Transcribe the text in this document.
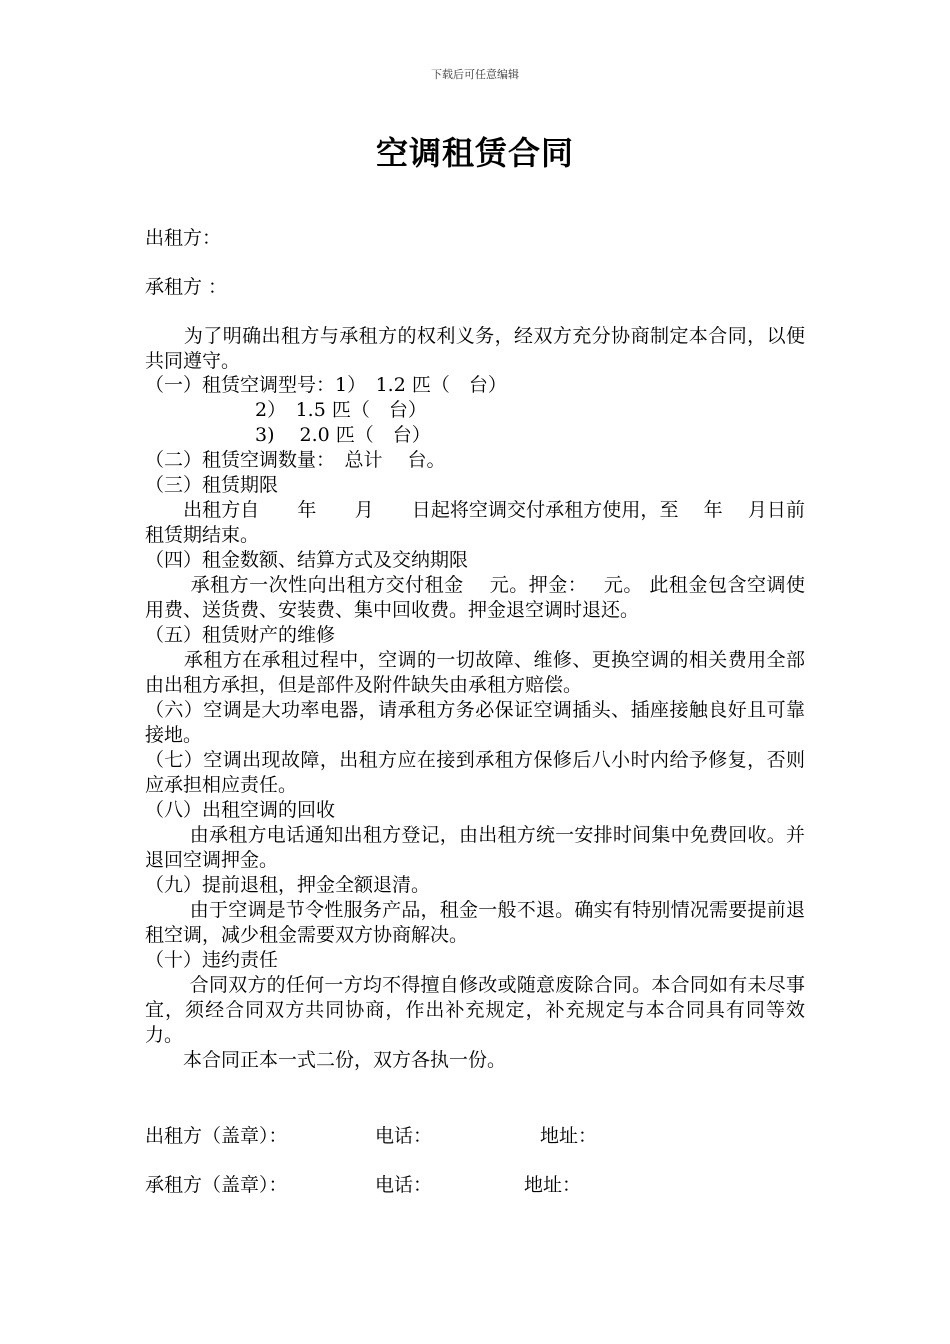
下载后可任意编辑
空调租赁合同
出租方：
承租方 ：
　　为了明确出租方与承租方的权利义务，经双方充分协商制定本合同，以便共同遵守。
（一）租赁空调型号：1）　1.2 匹（　台）
2）　1.5 匹（　台）
3)　 2.0 匹（　台）
（二）租赁空调数量：　总计　 台。
（三）租赁期限
　　出租方自　　年　　月　　日起将空调交付承租方使用，至　 年　 月日前租赁期结束。
（四）租金数额、结算方式及交纳期限
　　 承租方一次性向出租方交付租金　 元。押金：　 元。 此租金包含空调使用费、送货费、安装费、集中回收费。押金退空调时退还。
（五）租赁财产的维修
　　承租方在承租过程中，空调的一切故障、维修、更换空调的相关费用全部由出租方承担，但是部件及附件缺失由承租方赔偿。
（六）空调是大功率电器，请承租方务必保证空调插头、插座接触良好且可靠接地。
（七）空调出现故障，出租方应在接到承租方保修后八小时内给予修复，否则应承担相应责任。
（八）出租空调的回收
　　 由承租方电话通知出租方登记，由出租方统一安排时间集中免费回收。并退回空调押金。
（九）提前退租，押金全额退清。
　　 由于空调是节令性服务产品，租金一般不退。确实有特别情况需要提前退租空调，减少租金需要双方协商解决。
（十）违约责任
　　 合同双方的任何一方均不得擅自修改或随意废除合同。本合同如有未尽事宜，须经合同双方共同协商，作出补充规定，补充规定与本合同具有同等效力。
　　本合同正本一式二份，双方各执一份。
出租方（盖章）：	电话：	地址：
承租方（盖章）：	电话：	地址：
